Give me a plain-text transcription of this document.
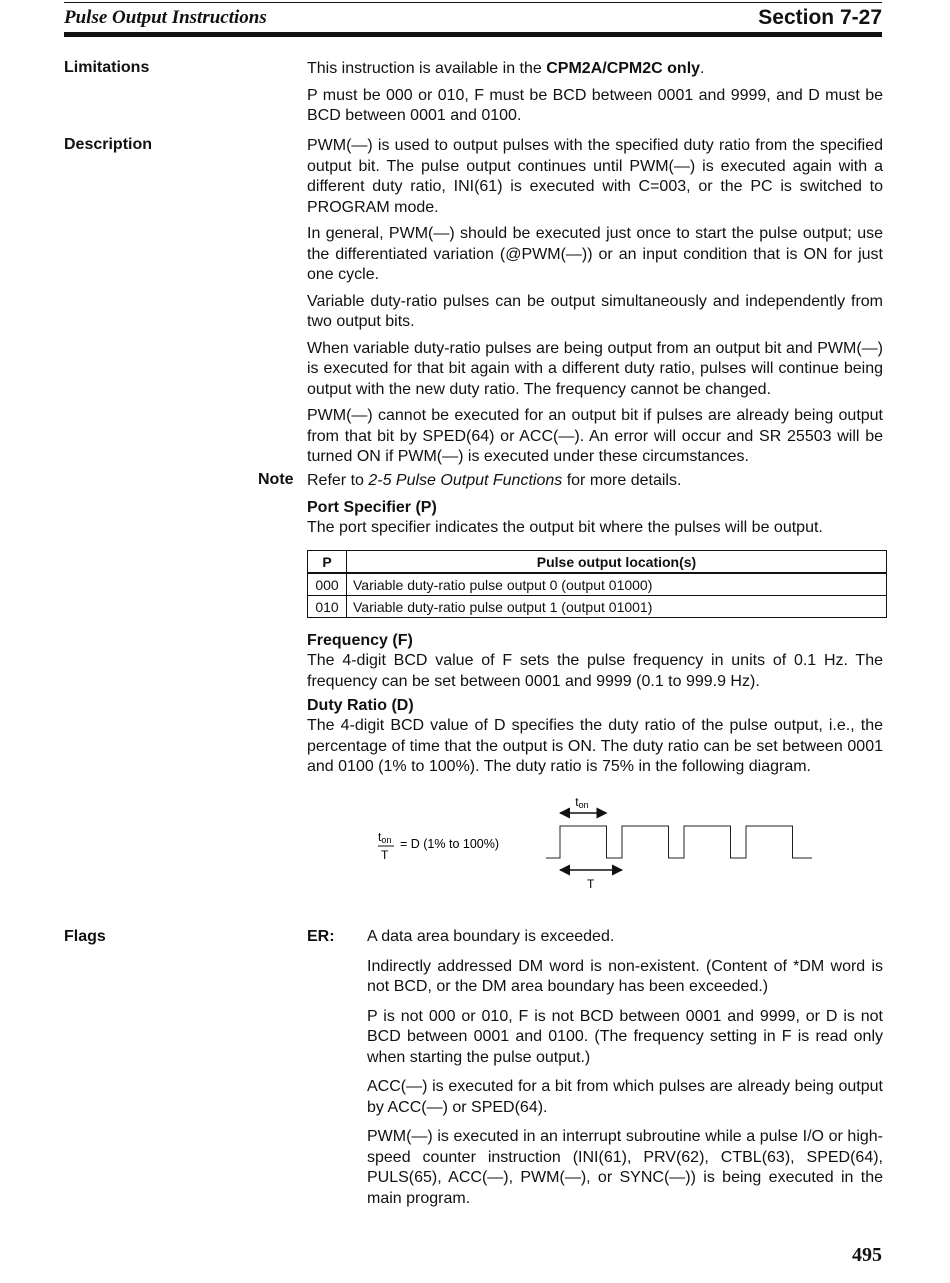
Pulse Output Instructions	Section 7-27
Limitations	This instruction is available in the CPM2A/CPM2C only.

P must be 000 or 010, F must be BCD between 0001 and 9999, and D must be BCD between 0001 and 0100.

Description	PWM(—) is used to output pulses with the specified duty ratio from the specified output bit. The pulse output continues until PWM(—) is executed again with a different duty ratio, INI(61) is executed with C=003, or the PC is switched to PROGRAM mode.

In general, PWM(—) should be executed just once to start the pulse output; use the differentiated variation (@PWM(—)) or an input condition that is ON for just one cycle.

Variable duty-ratio pulses can be output simultaneously and independently from two output bits.

When variable duty-ratio pulses are being output from an output bit and PWM(—) is executed for that bit again with a different duty ratio, pulses will continue being output with the new duty ratio. The frequency cannot be changed.

PWM(—) cannot be executed for an output bit if pulses are already being output from that bit by SPED(64) or ACC(—). An error will occur and SR 25503 will be turned ON if PWM(—) is executed under these circumstances.

Note Refer to 2-5 Pulse Output Functions for more details.

Port Specifier (P)

The port specifier indicates the output bit where the pulses will be output.

P	Pulse output location(s)
000	Variable duty-ratio pulse output 0 (output 01000)
010	Variable duty-ratio pulse output 1 (output 01001)

Frequency (F)

The 4-digit BCD value of F sets the pulse frequency in units of 0.1 Hz. The frequency can be set between 0001 and 9999 (0.1 to 999.9 Hz).

Duty Ratio (D)

The 4-digit BCD value of D specifies the duty ratio of the pulse output, i.e., the percentage of time that the output is ON. The duty ratio can be set between 0001 and 0100 (1% to 100%). The duty ratio is 75% in the following diagram.

ton
T
= D (1% to 100%)
ton
T
Flags	ER: A data area boundary is exceeded.

Indirectly addressed DM word is non-existent. (Content of *DM word is not BCD, or the DM area boundary has been exceeded.)

P is not 000 or 010, F is not BCD between 0001 and 9999, or D is not BCD between 0001 and 0100. (The frequency setting in F is read only when starting the pulse output.)

ACC(—) is executed for a bit from which pulses are already being output by ACC(—) or SPED(64).

PWM(—) is executed in an interrupt subroutine while a pulse I/O or high-speed counter instruction (INI(61), PRV(62), CTBL(63), SPED(64), PULS(65), ACC(—), PWM(—), or SYNC(—)) is being executed in the main program.

495
